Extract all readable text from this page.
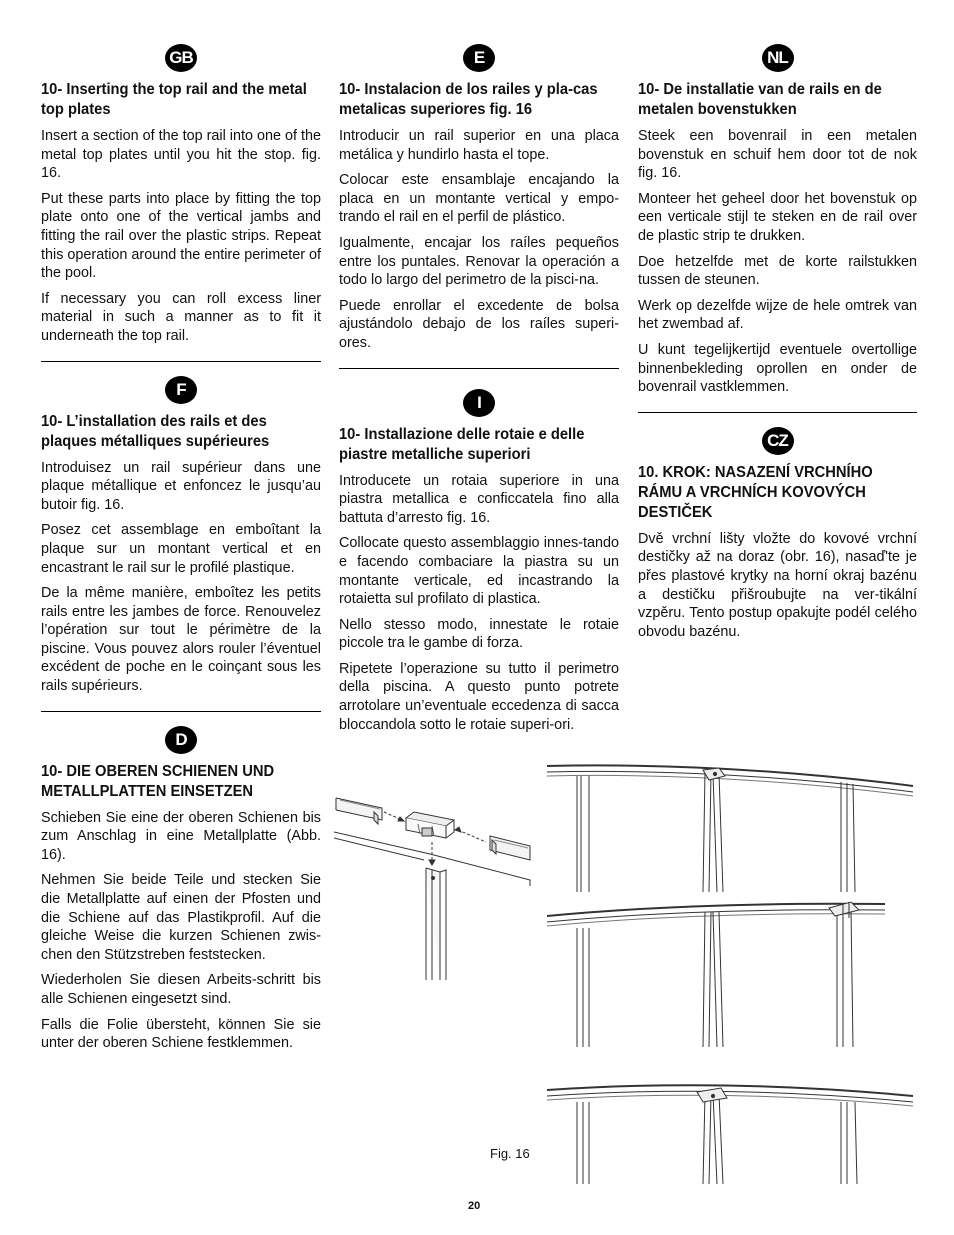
GB
10- Inserting the top rail and the metal top plates

Insert a section of the top rail into one of the metal top plates until you hit the stop. fig. 16.

Put these parts into place by fitting the top plate onto one of the vertical jambs and fitting the rail over the plastic strips. Repeat this operation around the entire perimeter of the pool.

If necessary you can roll excess liner material in such a manner as to fit it underneath the top rail.

F
10- L’installation des rails et des plaques métalliques supérieures

Introduisez un rail supérieur dans une plaque métallique et enfoncez le jusqu’au butoir fig. 16.

Posez cet assemblage en emboîtant la plaque sur un montant vertical et en encastrant le rail sur le profilé plastique.

De la même manière, emboîtez les petits rails entre les jambes de force. Renouvelez l’opération sur tout le périmètre de la piscine. Vous pouvez alors rouler l’éventuel excédent de poche en le coinçant sous les rails supérieurs.

D
10- DIE OBEREN SCHIENEN UND METALLPLATTEN EINSETZEN

Schieben Sie eine der oberen Schienen bis zum Anschlag in eine Metallplatte (Abb. 16).

Nehmen Sie beide Teile und stecken Sie die Metallplatte auf einen der Pfosten und die Schiene auf das Plastikprofil. Auf die gleiche Weise die kurzen Schienen zwis-chen den Stützstreben feststecken.

Wiederholen Sie diesen Arbeits-schritt bis alle Schienen eingesetzt sind.

Falls die Folie übersteht, können Sie sie unter der oberen Schiene festklemmen.

E
10- Instalacion de los railes y pla-cas metalicas superiores fig. 16

Introducir un rail superior en una placa metálica y hundirlo hasta el tope.

Colocar este ensamblaje encajando la placa en un montante vertical y empo-trando el rail en el perfil de plástico.

Igualmente, encajar los raíles pequeños entre los puntales. Renovar la operación a todo lo largo del perimetro de la pisci-na.

Puede enrollar el excedente de bolsa ajustándolo debajo de los raíles superi-ores.

I
10- Installazione delle rotaie e delle piastre metalliche superiori

Introducete un rotaia superiore in una piastra metallica e conficcatela fino alla battuta d’arresto fig. 16.

Collocate questo assemblaggio innes-tando e facendo combaciare la piastra su un montante verticale, ed incastrando la rotaietta sul profilato di plastica.

Nello stesso modo, innestate le rotaie piccole tra le gambe di forza.

Ripetete l’operazione su tutto il perimetro della piscina. A questo punto potrete arrotolare un’eventuale eccedenza di sacca bloccandola sotto le rotaie superi-ori.

NL
10- De installatie van de rails en de metalen bovenstukken

Steek een bovenrail in een metalen bovenstuk en schuif hem door tot de nok fig. 16.

Monteer het geheel door het bovenstuk op een verticale stijl te steken en de rail over de plastic strip te drukken.

Doe hetzelfde met de korte railstukken tussen de steunen.

Werk op dezelfde wijze de hele omtrek van het zwembad af.

U kunt tegelijkertijd eventuele overtollige binnenbekleding oprollen en onder de bovenrail vastklemmen.

CZ
10. KROK: NASAZENÍ VRCHNÍHO RÁMU A VRCHNÍCH KOVOVÝCH DESTIČEK

Dvě vrchní lišty vložte do kovové vrchní destičky až na doraz (obr. 16), nasaď'te je přes plastové krytky na horní okraj bazénu a destičku přišroubujte na ver-tikální vzpěru. Tento postup opakujte podél celého obvodu bazénu.

Fig. 16
20
